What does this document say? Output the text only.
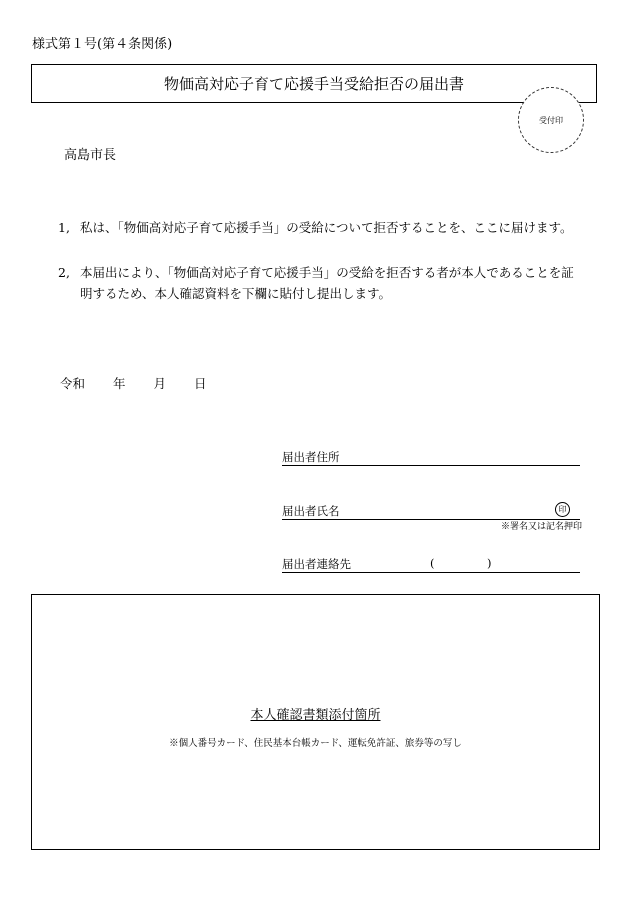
様式第１号(第４条関係)
物価高対応子育て応援手当受給拒否の届出書
受付印
高島市長
1, 私は、「物価高対応子育て応援手当」の受給について拒否することを、ここに届けます。
2, 本届出により、「物価高対応子育て応援手当」の受給を拒否する者が本人であることを証明するため、本人確認資料を下欄に貼付し提出します。
令和 年 月 日
届出者住所
届出者氏名	印
※署名又は記名押印
届出者連絡先	(	)
本人確認書類添付箇所
※個人番号カード、住民基本台帳カード、運転免許証、旅券等の写し
